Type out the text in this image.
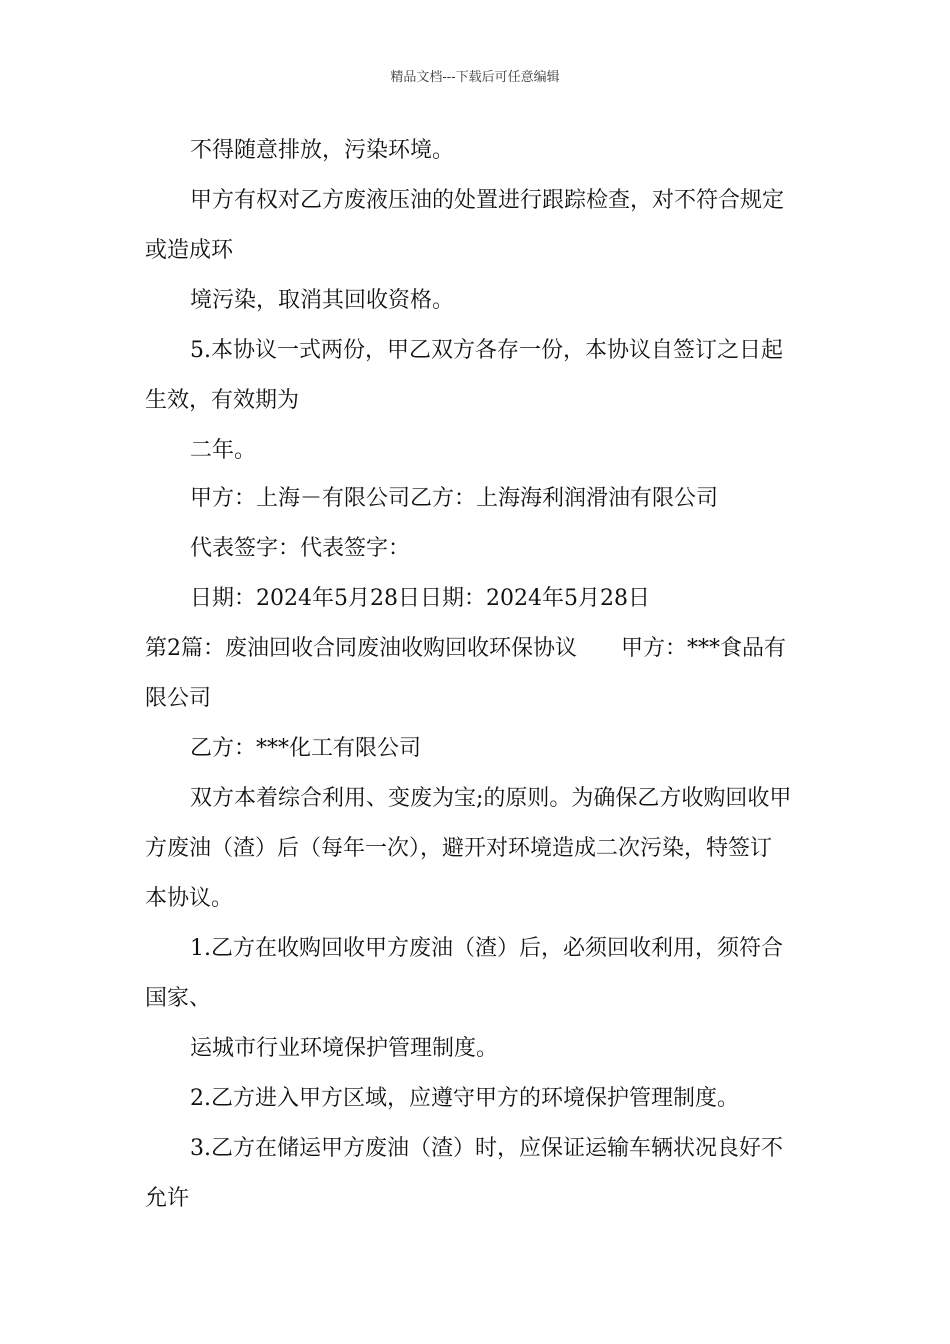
精品文档---下载后可任意编辑
不得随意排放，污染环境。
甲方有权对乙方废液压油的处置进行跟踪检查，对不符合规定
或造成环
境污染，取消其回收资格。
5.本协议一式两份，甲乙双方各存一份，本协议自签订之日起
生效，有效期为
二年。
甲方：上海－有限公司乙方：上海海利润滑油有限公司
代表签字：代表签字：
日期：2024年5月28日日期：2024年5月28日
第2篇：废油回收合同废油收购回收环保协议　　甲方：***食品有
限公司
乙方：***化工有限公司
双方本着综合利用、变废为宝;的原则。为确保乙方收购回收甲
方废油（渣）后（每年一次），避开对环境造成二次污染，特签订
本协议。
1.乙方在收购回收甲方废油（渣）后，必须回收利用，须符合
国家、
运城市行业环境保护管理制度。
2.乙方进入甲方区域，应遵守甲方的环境保护管理制度。
3.乙方在储运甲方废油（渣）时，应保证运输车辆状况良好不
允许
